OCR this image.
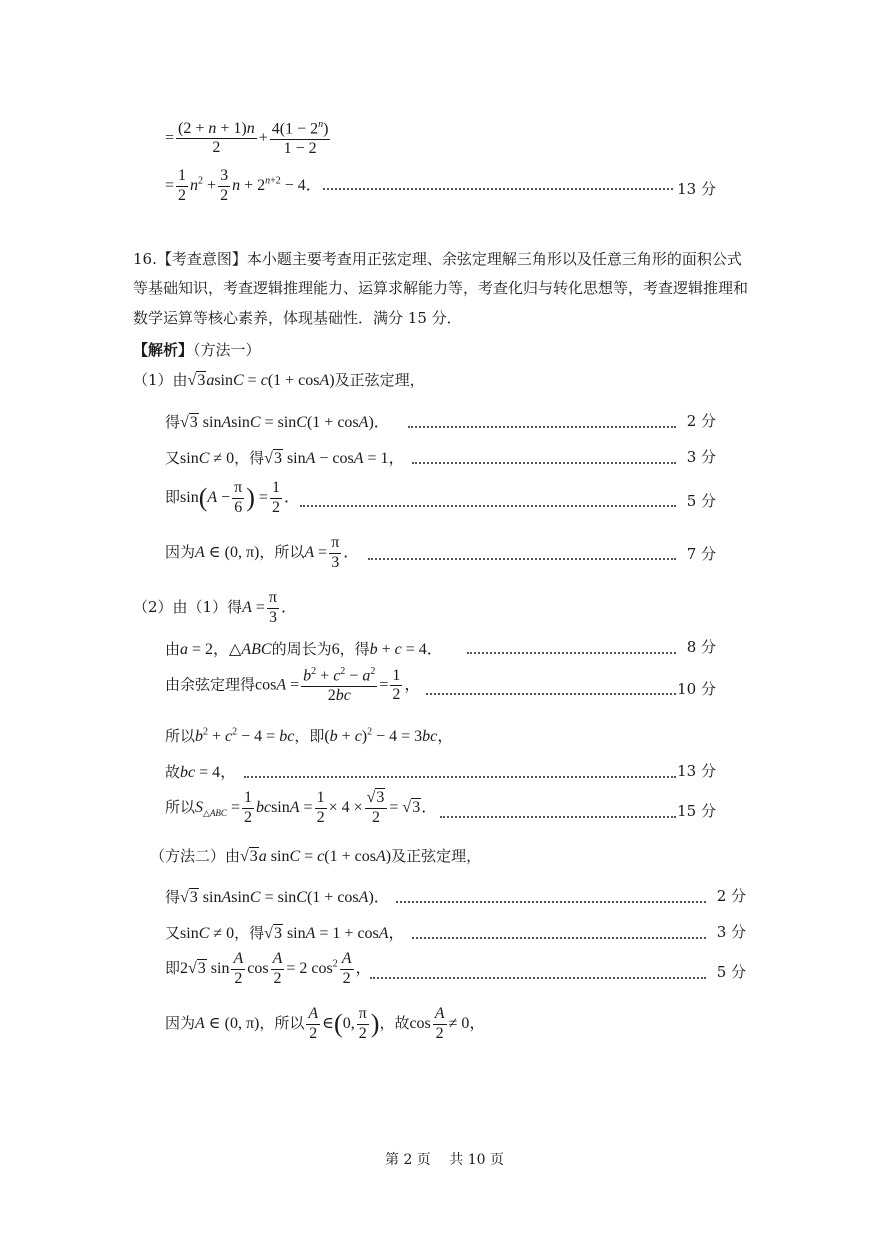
= $\frac{(2 + n + 1)n}{2} + \frac{4(1 - 2^n)}{1 - 2}$
= $\frac{1}{2} n^2 + \frac{3}{2}$ $n + 2^{n+2} - 4$．	13 分
16.【考查意图】本小题主要考查用正弦定理、余弦定理解三角形以及任意三角形的面积公式
等基础知识，考查逻辑推理能力、运算求解能力等，考查化归与转化思想等，考查逻辑推理和
数学运算等核心素养，体现基础性．满分 15 分．
【解析】（方法一）
（1）由√3asinC = c(1 + cosA)及正弦定理，
得√3 sinAsinC = sinC(1 + cosA)．	2 分
又sinC ≠ 0，得√3 sinA − cosA = 1，	3 分
即$\sin(A - \frac{\pi}{6}$ ) = $\frac{1}{2}$ ．	5 分
因为A ∈ (0, π)，所以$A = \frac{\pi}{3}$ ．	7 分
（2）由（1）得$A = \frac{\pi}{3}$ ．
由a = 2，△ABC的周长为6，得b + c = 4．	8 分
由余弦定理得$\cos A = \frac{b^2 + c^2 - a^2}{2bc} = \frac{1}{2}$ ，	10 分
所以$b^2 + c^2 - 4$ = bc，即$(b + c)^2 - 4 = 3bc$，
故bc = 4，	13 分
所以$S_{\triangle ABC} = \frac{1}{2}$ $bcsinA = \frac{1}{2} \times 4 \times \frac{√3}{2} = √3$．	15 分
（方法二）由√3a sinC = c(1 + cosA)及正弦定理，
得√3 sinAsinC = sinC(1 + cosA)．	2 分
又sinC ≠ 0，得√3 sinA = 1 + cosA，	3 分
即2√3 $\sin \frac{A}{2}$ $\cos \frac{A}{2} = 2$ $\cos^2 \frac{A}{2}$ ，	5 分
因为A ∈ (0, π)，所以 $\frac{A}{2}$ ∈(0, $\frac{\pi}{2}$ )，故$\cos \frac{A}{2} \ne 0$，
第 2 页　 共 10 页
